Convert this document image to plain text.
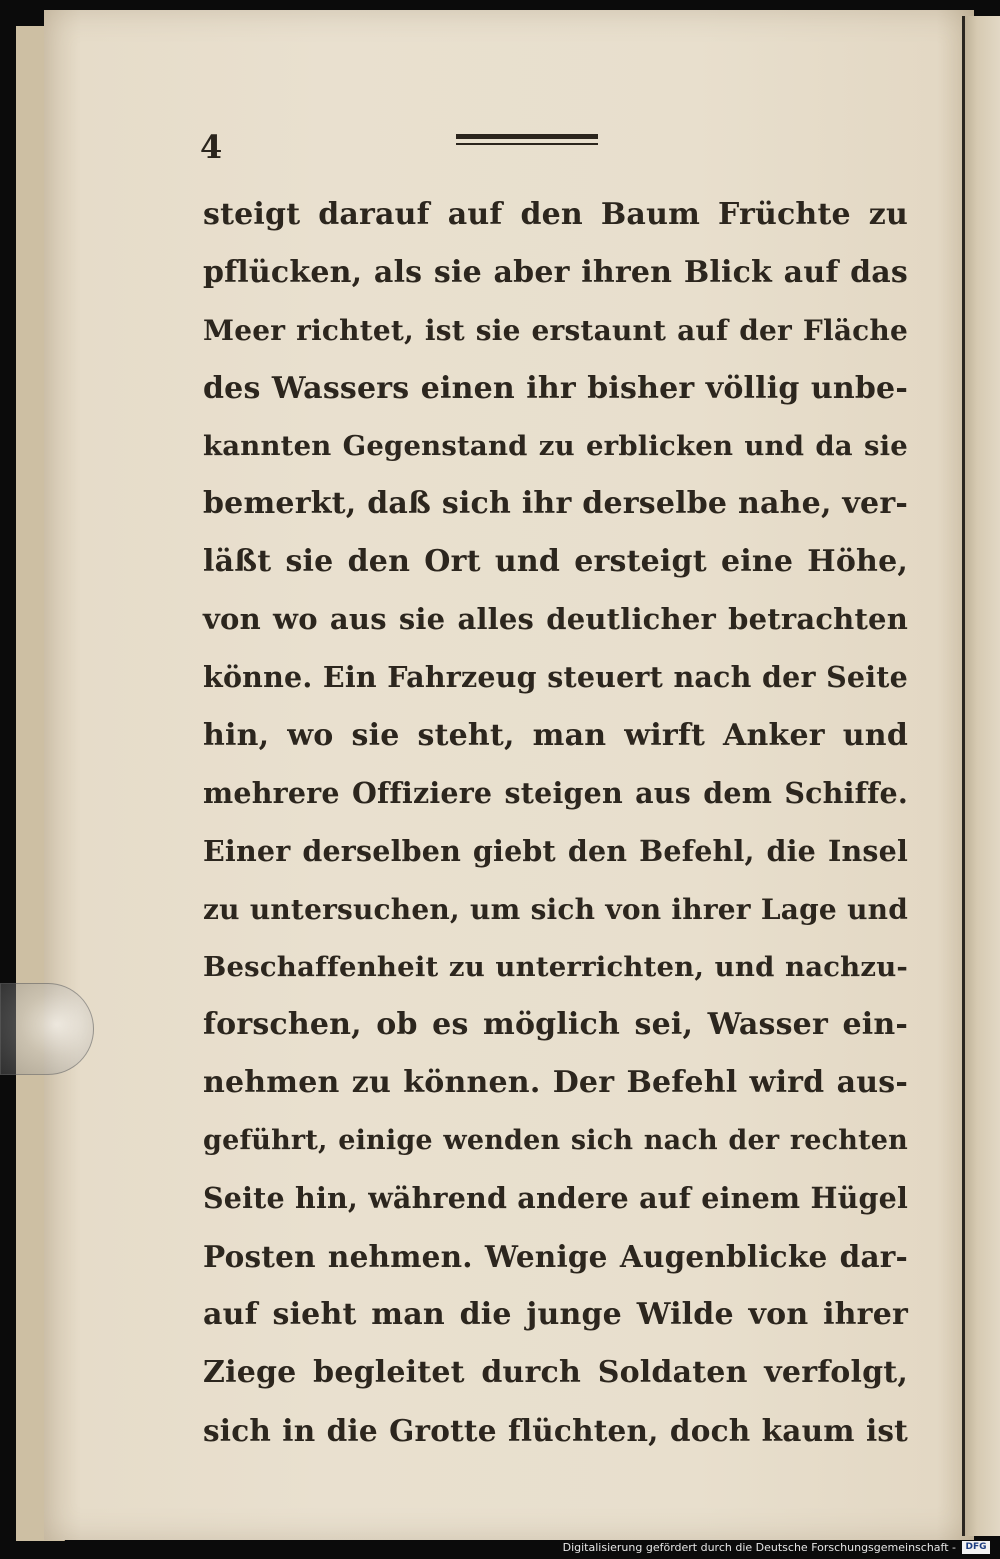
4
steigt darauf auf den Baum Früchte zu
pflücken, als sie aber ihren Blick auf das
Meer richtet, ist sie erstaunt auf der Fläche
des Wassers einen ihr bisher völlig unbe-
kannten Gegenstand zu erblicken und da sie
bemerkt, daß sich ihr derselbe nahe, ver-
läßt sie den Ort und ersteigt eine Höhe,
von wo aus sie alles deutlicher betrachten
könne. Ein Fahrzeug steuert nach der Seite
hin, wo sie steht, man wirft Anker und
mehrere Offiziere steigen aus dem Schiffe.
Einer derselben giebt den Befehl, die Insel
zu untersuchen, um sich von ihrer Lage und
Beschaffenheit zu unterrichten, und nachzu-
forschen, ob es möglich sei, Wasser ein-
nehmen zu können. Der Befehl wird aus-
geführt, einige wenden sich nach der rechten
Seite hin, während andere auf einem Hügel
Posten nehmen. Wenige Augenblicke dar-
auf sieht man die junge Wilde von ihrer
Ziege begleitet durch Soldaten verfolgt,
sich in die Grotte flüchten, doch kaum ist
Digitalisierung gefördert durch die Deutsche Forschungsgemeinschaft -	DFG
